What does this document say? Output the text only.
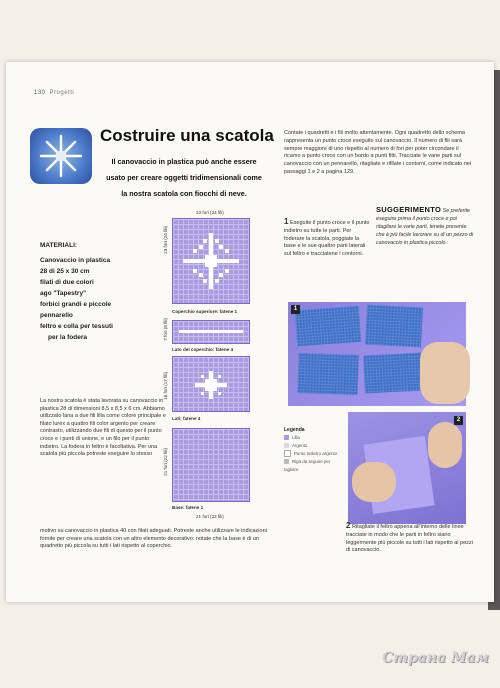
130 Progetti
Costruire una scatola
Il canovaccio in plastica può anche essere usato per creare oggetti tridimensionali come la nostra scatola con fiocchi di neve.
MATERIALI:
Canovaccio in plastica
28 di 25 x 30 cm
filati di due colori
ago "Tapestry"
forbici grandi e piccole
pennarello
feltro e colla per tessuti
per la fodera
La nostra scatola è stata lavorata su canovaccio in plastica 28 di dimensioni 8,5 x 8,5 x 6 cm. Abbiamo utilizzato lana a due fili lilla come colore principale e filato lurex a quattro fili color argento per creare contrasto, utilizzando due fili di questo per il punto croce e i punti di unione, e un filo per il punto indietro. La fodera in feltro è facoltativa. Per una scatola più piccola potreste eseguire lo stesso
motivo su canovaccio in plastica 40 con filati adeguati. Potreste anche utilizzare le indicazioni fornite per creare una scatola con un altro elemento decorativo: notate che la base è di un quadretto più piccola su tutti i lati rispetto al coperchio.
23 fori (24 fili)
23 fori (24 fili)
Coperchio superiore: fatene 1
7 fori (8 fili)
Lato del coperchio: fatene 4
16 fori (17 fili)
Lati: fatene 4
21 fori (22 fili)
Base: fatene 1
21 fori (22 fili)
Contate i quadretti e i fili molto attentamente. Ogni quadretto dello schema rappresenta un punto croce eseguito sul canovaccio. Il numero di fili sarà sempre maggiore di uno rispetto al numero di fori per poter circondare il ricamo a punto croce con un bordo a punti fitti. Tracciate le varie parti sul canovaccio con un pennarello, ritagliate e rifilate i contorni, come indicato nei passaggi 1 e 2 a pagina 129.
1 Eseguite il punto croce e il punto indietro su tutte le parti. Per foderare la scatola, poggiate la base e le sue quattro parti laterali sul feltro e tracciatene i contorni.
SUGGERIMENTO Se preferite eseguire prima il punto croce e poi ritagliare le varie parti, tenete presente che è più facile lavorare su di un pezzo di canovaccio in plastica piccolo.
1
Legenda
Lilla
Argento
Punto indietro argento
Riga da seguire per tagliare
2
2 Ritagliate il feltro appena all'interno delle linee tracciate in modo che le parti in feltro siano leggermente più piccole su tutti i lati rispetto ai pezzi di canovaccio.
Страна Мам
